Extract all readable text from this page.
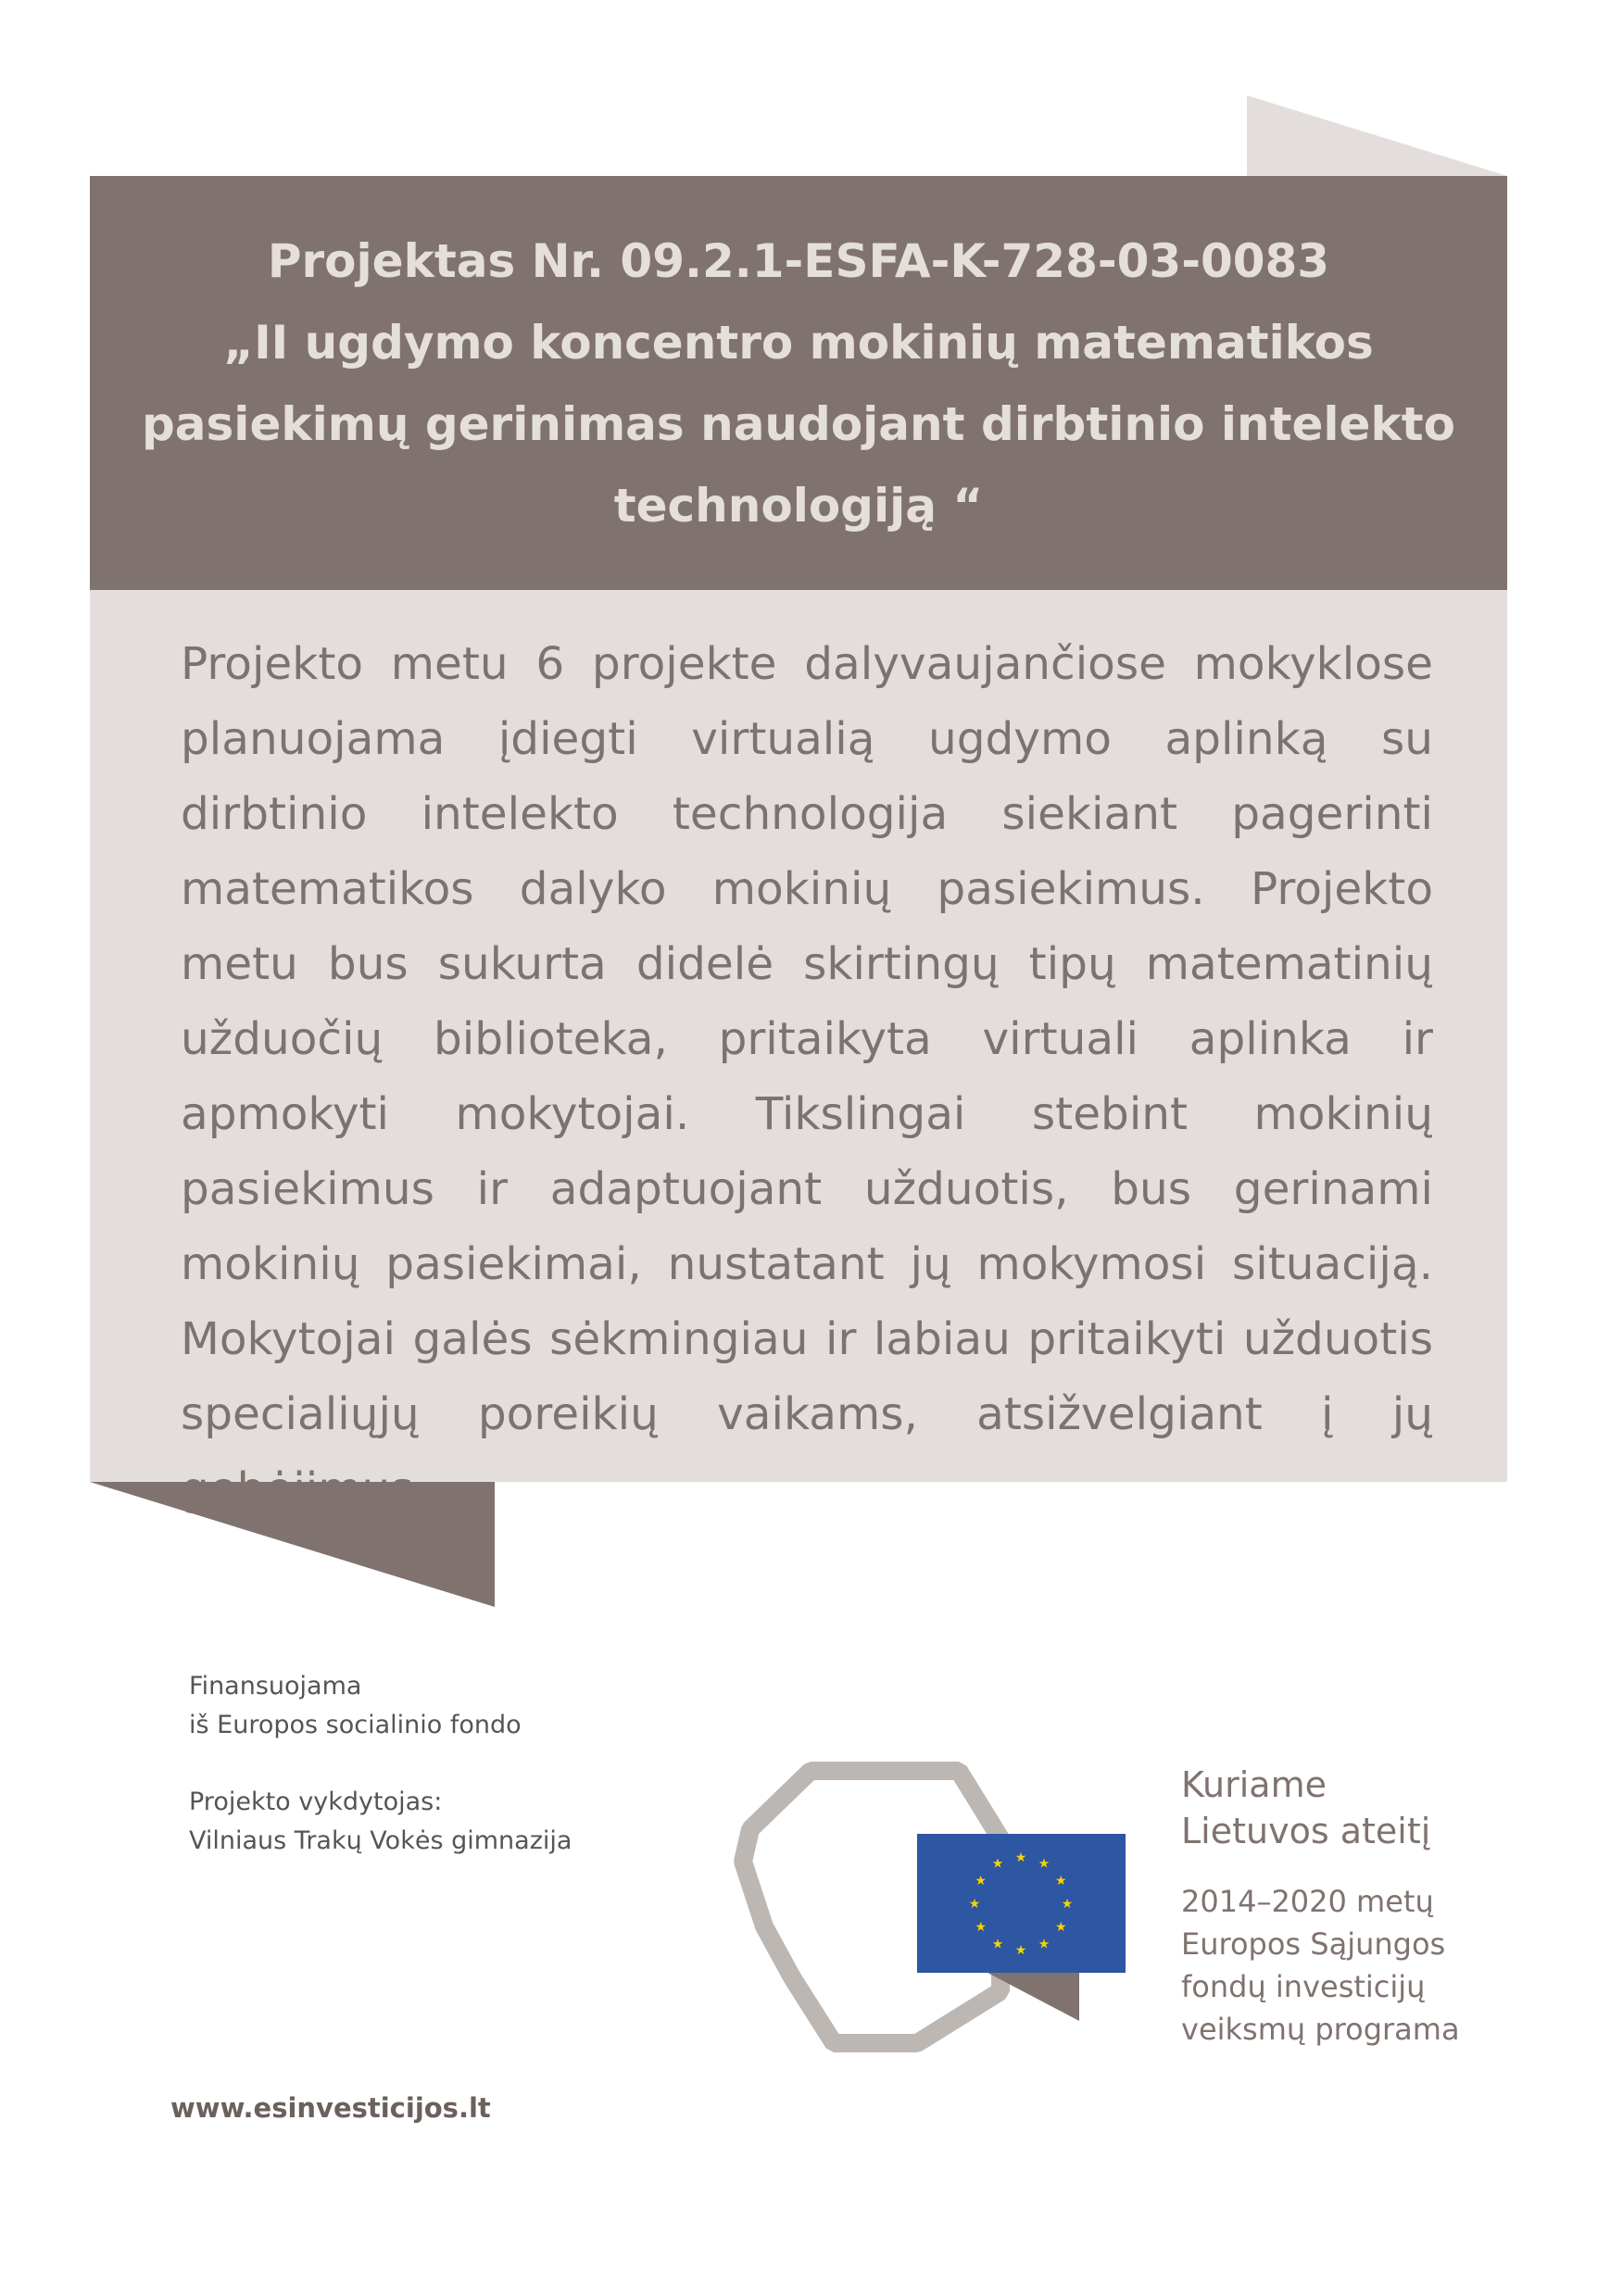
Projektas Nr. 09.2.1-ESFA-K-728-03-0083
„II ugdymo koncentro mokinių matematikos
pasiekimų gerinimas naudojant dirbtinio intelekto
technologiją “

Projekto metu 6 projekte dalyvaujančiose mokyklose planuojama įdiegti virtualią ugdymo aplinką su dirbtinio intelekto technologija siekiant pagerinti matematikos dalyko mokinių pasiekimus. Projekto metu bus sukurta didelė skirtingų tipų matematinių užduočių biblioteka, pritaikyta virtuali aplinka ir apmokyti mokytojai. Tikslingai stebint mokinių pasiekimus ir adaptuojant užduotis, bus gerinami mokinių pasiekimai, nustatant jų mokymosi situaciją. Mokytojai galės sėkmingiau ir labiau pritaikyti užduotis specialiųjų poreikių vaikams, atsižvelgiant į jų

Finansuojama
iš Europos socialinio fondo

Projekto vykdytojas:
Vilniaus Trakų Vokės gimnazija

★ ★
★
★
★
★
★
★
★
★
★
★

Kuriame
Lietuvos ateitį

2014–2020 metų
Europos Sąjungos
fondų investicijų
veiksmų programa

www.esinvesticijos.lt
